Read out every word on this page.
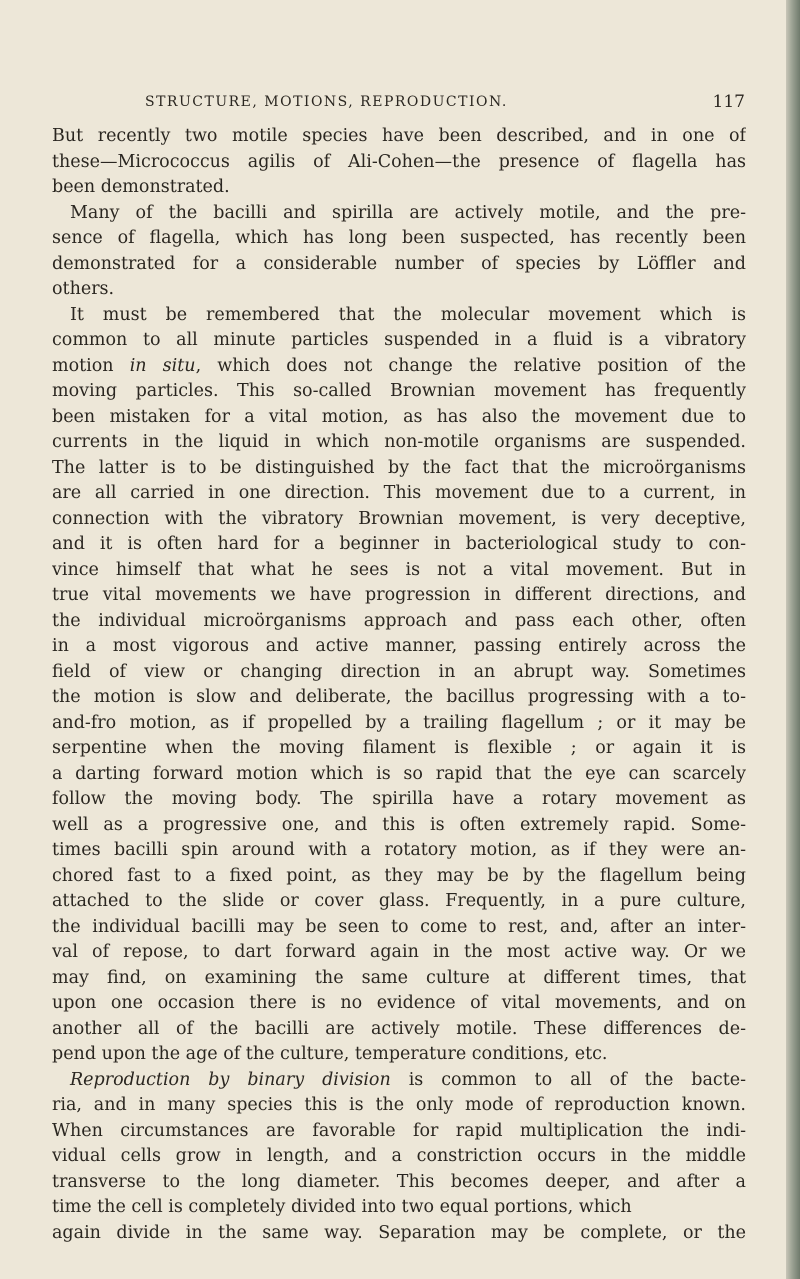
STRUCTURE, MOTIONS, REPRODUCTION.	117
But recently two motile species have been described, and in one of
these—Micrococcus agilis of Ali-Cohen—the presence of flagella has
been demonstrated.
Many of the bacilli and spirilla are actively motile, and the pre-
sence of flagella, which has long been suspected, has recently been
demonstrated for a considerable number of species by Löffler and
others.
It must be remembered that the molecular movement which is
common to all minute particles suspended in a fluid is a vibratory
motion in situ, which does not change the relative position of the
moving particles. This so-called Brownian movement has frequently
been mistaken for a vital motion, as has also the movement due to
currents in the liquid in which non-motile organisms are suspended.
The latter is to be distinguished by the fact that the microörganisms
are all carried in one direction. This movement due to a current, in
connection with the vibratory Brownian movement, is very deceptive,
and it is often hard for a beginner in bacteriological study to con-
vince himself that what he sees is not a vital movement. But in
true vital movements we have progression in different directions, and
the individual microörganisms approach and pass each other, often
in a most vigorous and active manner, passing entirely across the
field of view or changing direction in an abrupt way. Sometimes
the motion is slow and deliberate, the bacillus progressing with a to-
and-fro motion, as if propelled by a trailing flagellum ; or it may be
serpentine when the moving filament is flexible ; or again it is
a darting forward motion which is so rapid that the eye can scarcely
follow the moving body. The spirilla have a rotary movement as
well as a progressive one, and this is often extremely rapid. Some-
times bacilli spin around with a rotatory motion, as if they were an-
chored fast to a fixed point, as they may be by the flagellum being
attached to the slide or cover glass. Frequently, in a pure culture,
the individual bacilli may be seen to come to rest, and, after an inter-
val of repose, to dart forward again in the most active way. Or we
may find, on examining the same culture at different times, that
upon one occasion there is no evidence of vital movements, and on
another all of the bacilli are actively motile. These differences de-
pend upon the age of the culture, temperature conditions, etc.
Reproduction by binary division is common to all of the bacte-
ria, and in many species this is the only mode of reproduction known.
When circumstances are favorable for rapid multiplication the indi-
vidual cells grow in length, and a constriction occurs in the middle
transverse to the long diameter. This becomes deeper, and after a
time the cell is completely divided into two equal portions, which
again divide in the same way. Separation may be complete, or the
